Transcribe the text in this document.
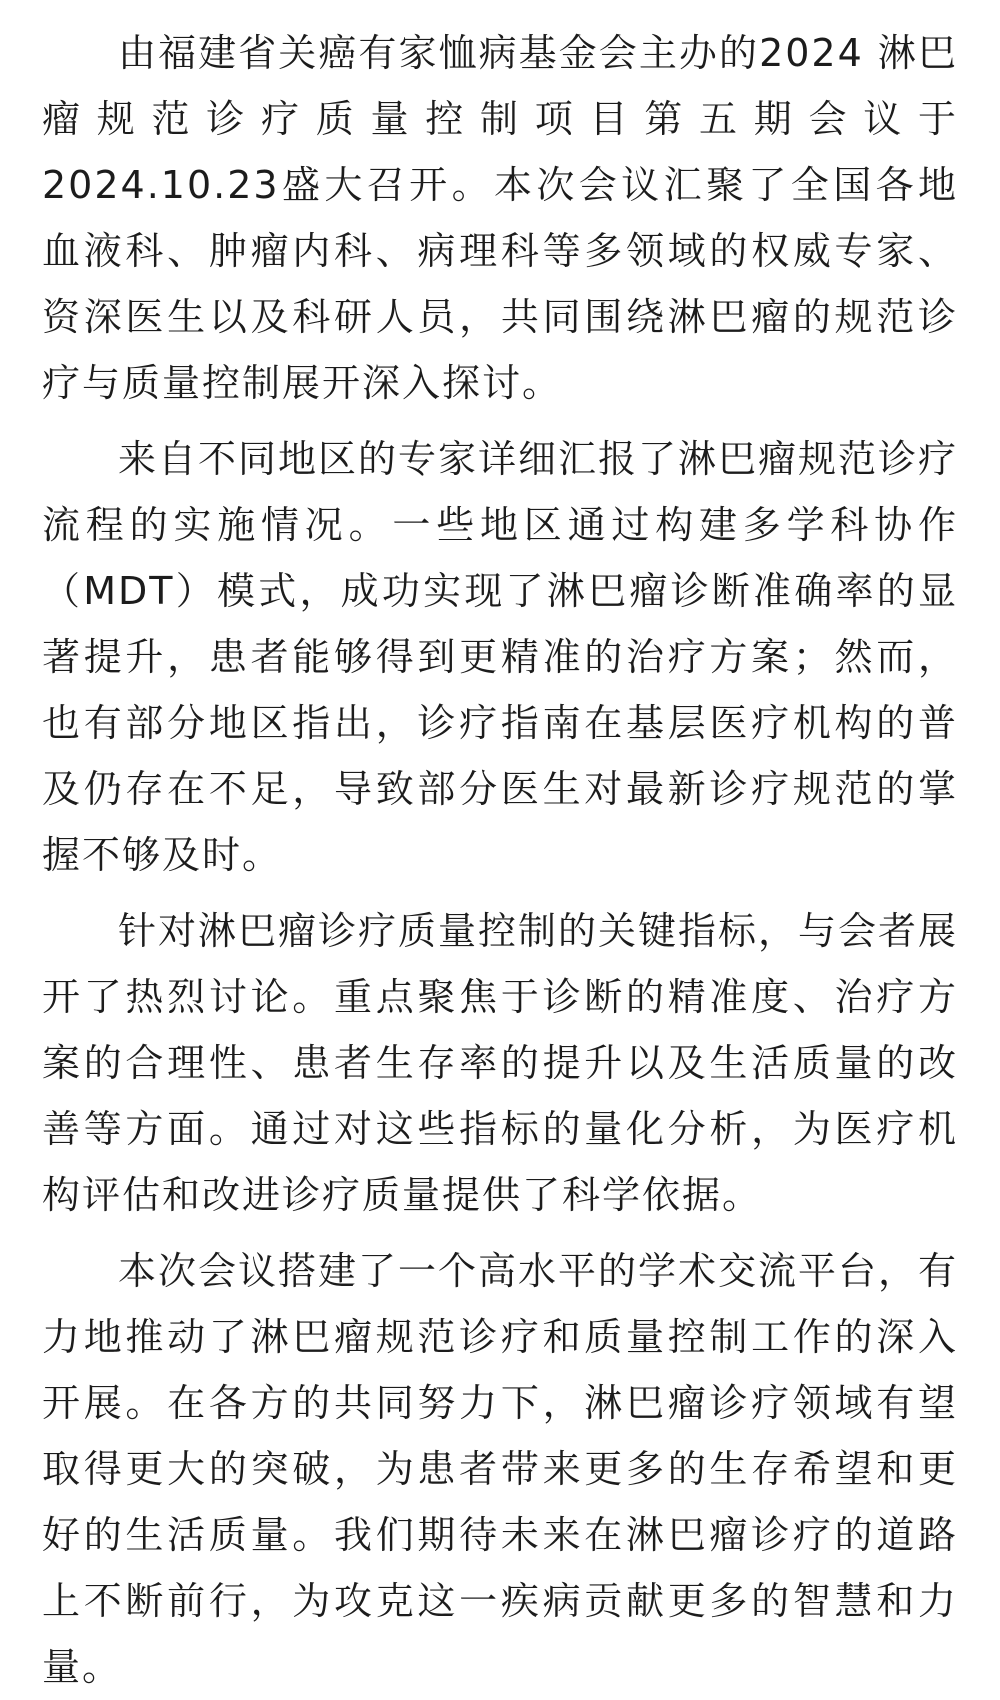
由福建省关癌有家恤病基金会主办的2024 淋巴瘤规范诊疗质量控制项目第五期会议于2024.10.23盛大召开。本次会议汇聚了全国各地血液科、肿瘤内科、病理科等多领域的权威专家、资深医生以及科研人员，共同围绕淋巴瘤的规范诊疗与质量控制展开深入探讨。

来自不同地区的专家详细汇报了淋巴瘤规范诊疗流程的实施情况。一些地区通过构建多学科协作（MDT）模式，成功实现了淋巴瘤诊断准确率的显著提升，患者能够得到更精准的治疗方案；然而，也有部分地区指出，诊疗指南在基层医疗机构的普及仍存在不足，导致部分医生对最新诊疗规范的掌握不够及时。

针对淋巴瘤诊疗质量控制的关键指标，与会者展开了热烈讨论。重点聚焦于诊断的精准度、治疗方案的合理性、患者生存率的提升以及生活质量的改善等方面。通过对这些指标的量化分析，为医疗机构评估和改进诊疗质量提供了科学依据。

本次会议搭建了一个高水平的学术交流平台，有力地推动了淋巴瘤规范诊疗和质量控制工作的深入开展。在各方的共同努力下，淋巴瘤诊疗领域有望取得更大的突破，为患者带来更多的生存希望和更好的生活质量。我们期待未来在淋巴瘤诊疗的道路上不断前行，为攻克这一疾病贡献更多的智慧和力量。
